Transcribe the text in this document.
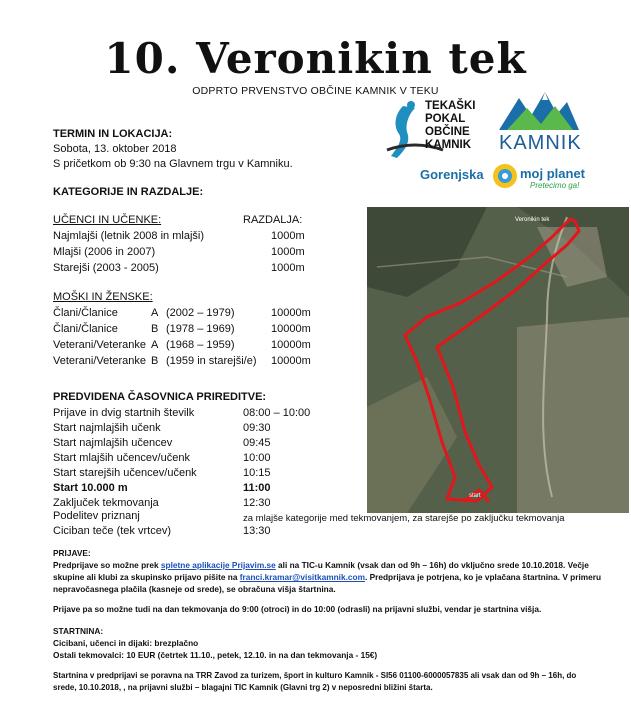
10. Veronikin tek
ODPRTO PRVENSTVO OBČINE KAMNIK V TEKU
TEKAŠKI
POKAL
OBČINE
KAMNIK KAMNIK
Gorenjska	moj planet
Pretecimo ga!
TERMIN IN LOKACIJA:
Sobota, 13. oktober 2018
S pričetkom ob 9:30 na Glavnem trgu v Kamniku.
KATEGORIJE IN RAZDALJE:
UČENCI IN UČENKE:	RAZDALJA:
Najmlajši (letnik 2008 in mlajši)	1000m
Mlajši (2006 in 2007)	1000m
Starejši (2003 - 2005)	1000m
MOŠKI IN ŽENSKE:
Člani/Članice	A (2002 – 1979)	10000m
Člani/Članice	B (1978 – 1969)	10000m
Veterani/Veteranke A (1968 – 1959)	10000m
Veterani/Veteranke B (1959 in starejši/e) 10000m
PREDVIDENA ČASOVNICA PRIREDITVE:
Prijave in dvig startnih številk	08:00 – 10:00
Start najmlajših učenk	09:30
Start najmlajših učencev	09:45
Start mlajših učencev/učenk	10:00
Start starejših učencev/učenk	10:15
Start 10.000 m	11:00
Zaključek tekmovanja	12:30
Podelitev priznanj	za mlajše kategorije med tekmovanjem, za starejše po zaključku tekmovanja
Ciciban teče (tek vrtcev)	13:30
Veronikin tek
start
PRIJAVE:
Predprijave so možne prek spletne aplikacije Prijavim.se ali na TIC-u Kamnik (vsak dan od 9h – 16h) do vključno srede 10.10.2018. Večje
skupine ali klubi za skupinsko prijavo pišite na franci.kramar@visitkamnik.com. Predprijava je potrjena, ko je vplačana štartnina. V primeru
nepravočasnega plačila (kasneje od srede), se obračuna višja štartnina.
Prijave pa so možne tudi na dan tekmovanja do 9:00 (otroci) in do 10:00 (odrasli) na prijavni službi, vendar je startnina višja.
STARTNINA:
Cicibani, učenci in dijaki: brezplačno
Ostali tekmovalci: 10 EUR (četrtek 11.10., petek, 12.10. in na dan tekmovanja - 15€)
Startnina v predprijavi se poravna na TRR Zavod za turizem, šport in kulturo Kamnik - SI56 01100-6000057835 ali vsak dan od 9h – 16h, do
srede, 10.10.2018, , na prijavni službi – blagajni TIC Kamnik (Glavni trg 2) v neposredni bližini štarta.
